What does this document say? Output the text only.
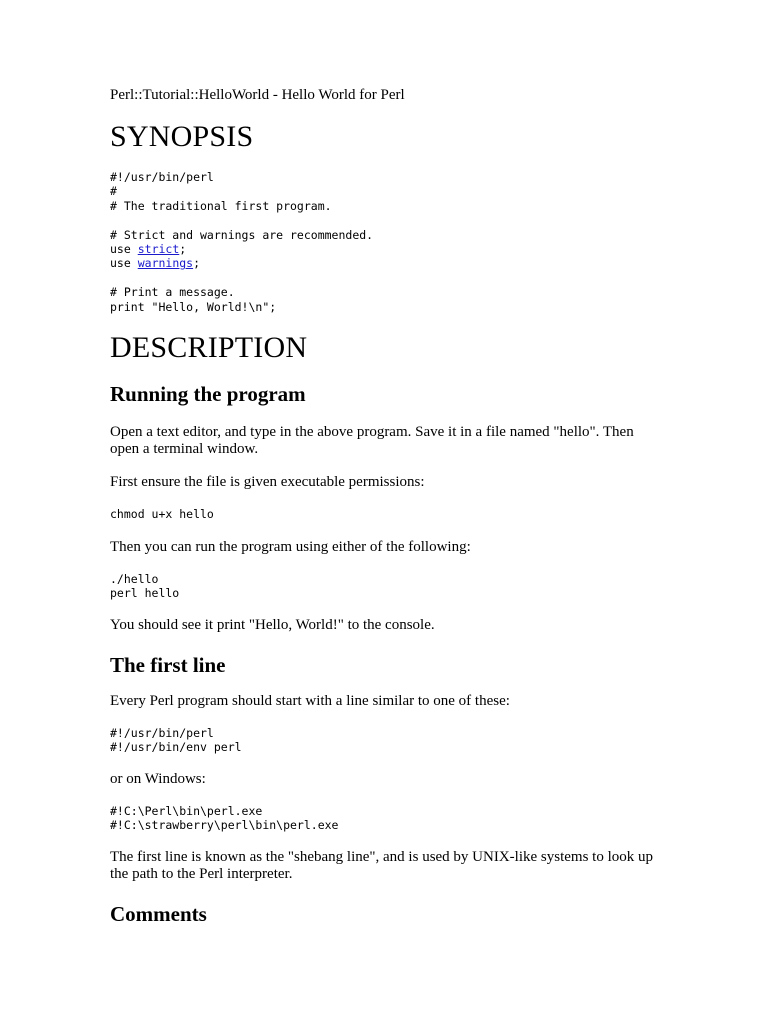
Perl::Tutorial::HelloWorld - Hello World for Perl
SYNOPSIS
#!/usr/bin/perl
#
# The traditional first program.
# Strict and warnings are recommended.
use strict;
use warnings;
# Print a message.
print "Hello, World!\n";
DESCRIPTION
Running the program

Open a text editor, and type in the above program. Save it in a file named "hello". Then open a terminal window.

First ensure the file is given executable permissions:

chmod u+x hello

Then you can run the program using either of the following:

./hello
perl hello

You should see it print "Hello, World!" to the console.

The first line

Every Perl program should start with a line similar to one of these:

#!/usr/bin/perl
#!/usr/bin/env perl

or on Windows:

#!C:\Perl\bin\perl.exe
#!C:\strawberry\perl\bin\perl.exe

The first line is known as the "shebang line", and is used by UNIX-like systems to look up the path to the Perl interpreter.

Comments
